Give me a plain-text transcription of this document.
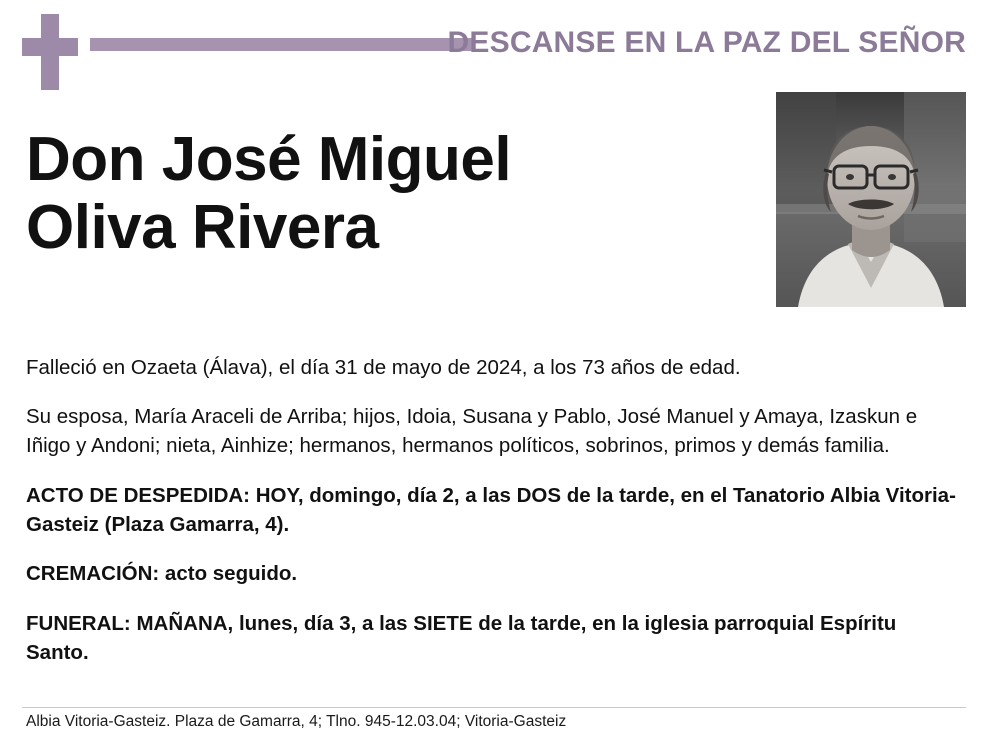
DESCANSE EN LA PAZ DEL SEÑOR
Don José Miguel
Oliva Rivera

Falleció en Ozaeta (Álava), el día 31 de mayo de 2024, a los 73 años de edad.

Su esposa, María Araceli de Arriba; hijos, Idoia, Susana y Pablo, José Manuel y Amaya, Izaskun e Iñigo y Andoni; nieta, Ainhize; hermanos, hermanos políticos, sobrinos, primos y demás familia.

ACTO DE DESPEDIDA: HOY, domingo, día 2, a las DOS de la tarde, en el Tanatorio Albia Vitoria-Gasteiz (Plaza Gamarra, 4).

CREMACIÓN: acto seguido.

FUNERAL: MAÑANA, lunes, día 3, a las SIETE de la tarde, en la iglesia parroquial Espíritu Santo.

Albia Vitoria-Gasteiz. Plaza de Gamarra, 4; Tlno. 945-12.03.04; Vitoria-Gasteiz
